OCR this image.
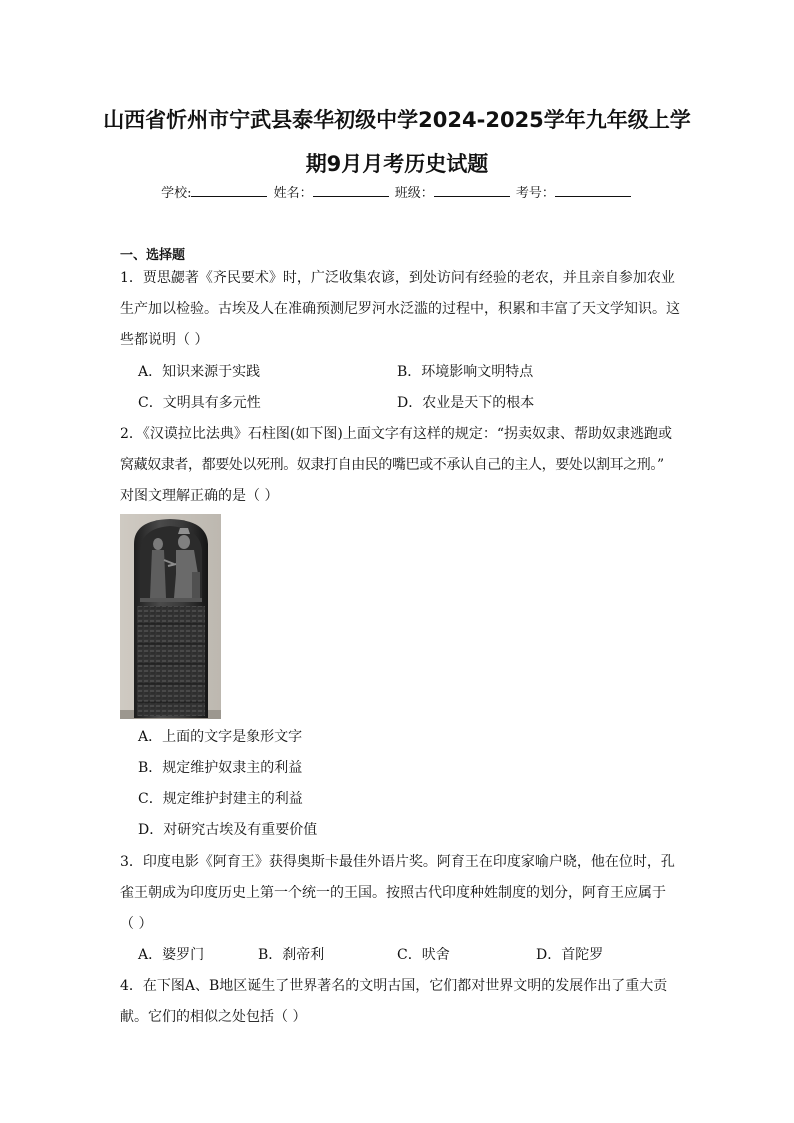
山西省忻州市宁武县泰华初级中学2024-2025学年九年级上学
期9月月考历史试题
学校:	姓名：	班级：	考号：
一、选择题
1．贾思勰著《齐民要术》时，广泛收集农谚，到处访问有经验的老农，并且亲自参加农业
生产加以检验。古埃及人在准确预测尼罗河水泛滥的过程中，积累和丰富了天文学知识。这
些都说明（ ）
A．知识来源于实践	B．环境影响文明特点
C．文明具有多元性	D．农业是天下的根本
2．《汉谟拉比法典》石柱图(如下图)上面文字有这样的规定：“拐卖奴隶、帮助奴隶逃跑或
窝藏奴隶者，都要处以死刑。奴隶打自由民的嘴巴或不承认自己的主人，要处以割耳之刑。”
对图文理解正确的是（ ）
A．上面的文字是象形文字
B．规定维护奴隶主的利益
C．规定维护封建主的利益
D．对研究古埃及有重要价值
3．印度电影《阿育王》获得奥斯卡最佳外语片奖。阿育王在印度家喻户晓，他在位时，孔
雀王朝成为印度历史上第一个统一的王国。按照古代印度种姓制度的划分，阿育王应属于
（ ）
A．婆罗门	B．刹帝利	C．吠舍	D．首陀罗
4．在下图A、B地区诞生了世界著名的文明古国，它们都对世界文明的发展作出了重大贡
献。它们的相似之处包括（ ）
